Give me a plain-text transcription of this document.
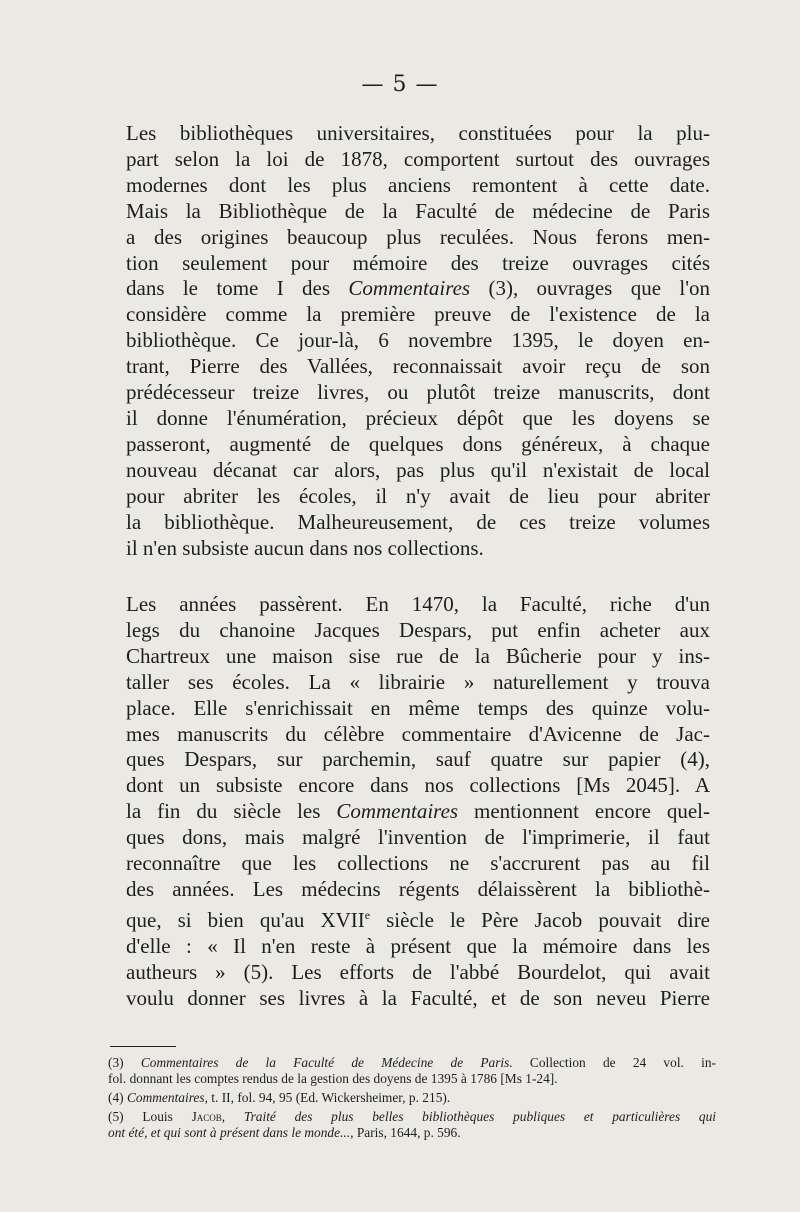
— 5 —
Les bibliothèques universitaires, constituées pour la plu-
part selon la loi de 1878, comportent surtout des ouvrages
modernes dont les plus anciens remontent à cette date.
Mais la Bibliothèque de la Faculté de médecine de Paris
a des origines beaucoup plus reculées. Nous ferons men-
tion seulement pour mémoire des treize ouvrages cités
dans le tome I des Commentaires (3), ouvrages que l'on
considère comme la première preuve de l'existence de la
bibliothèque. Ce jour-là, 6 novembre 1395, le doyen en-
trant, Pierre des Vallées, reconnaissait avoir reçu de son
prédécesseur treize livres, ou plutôt treize manuscrits, dont
il donne l'énumération, précieux dépôt que les doyens se
passeront, augmenté de quelques dons généreux, à chaque
nouveau décanat car alors, pas plus qu'il n'existait de local
pour abriter les écoles, il n'y avait de lieu pour abriter
la bibliothèque. Malheureusement, de ces treize volumes
il n'en subsiste aucun dans nos collections.
Les années passèrent. En 1470, la Faculté, riche d'un
legs du chanoine Jacques Despars, put enfin acheter aux
Chartreux une maison sise rue de la Bûcherie pour y ins-
taller ses écoles. La « librairie » naturellement y trouva
place. Elle s'enrichissait en même temps des quinze volu-
mes manuscrits du célèbre commentaire d'Avicenne de Jac-
ques Despars, sur parchemin, sauf quatre sur papier (4),
dont un subsiste encore dans nos collections [Ms 2045]. A
la fin du siècle les Commentaires mentionnent encore quel-
ques dons, mais malgré l'invention de l'imprimerie, il faut
reconnaître que les collections ne s'accrurent pas au fil
des années. Les médecins régents délaissèrent la bibliothè-
que, si bien qu'au XVIIe siècle le Père Jacob pouvait dire
d'elle : « Il n'en reste à présent que la mémoire dans les
autheurs » (5). Les efforts de l'abbé Bourdelot, qui avait
voulu donner ses livres à la Faculté, et de son neveu Pierre
(3) Commentaires de la Faculté de Médecine de Paris. Collection de 24 vol. in-
fol. donnant les comptes rendus de la gestion des doyens de 1395 à 1786 [Ms 1-24].
(4) Commentaires, t. II, fol. 94, 95 (Ed. Wickersheimer, p. 215).
(5) Louis Jacob, Traité des plus belles bibliothèques publiques et particulières qui
ont été, et qui sont à présent dans le monde..., Paris, 1644, p. 596.
